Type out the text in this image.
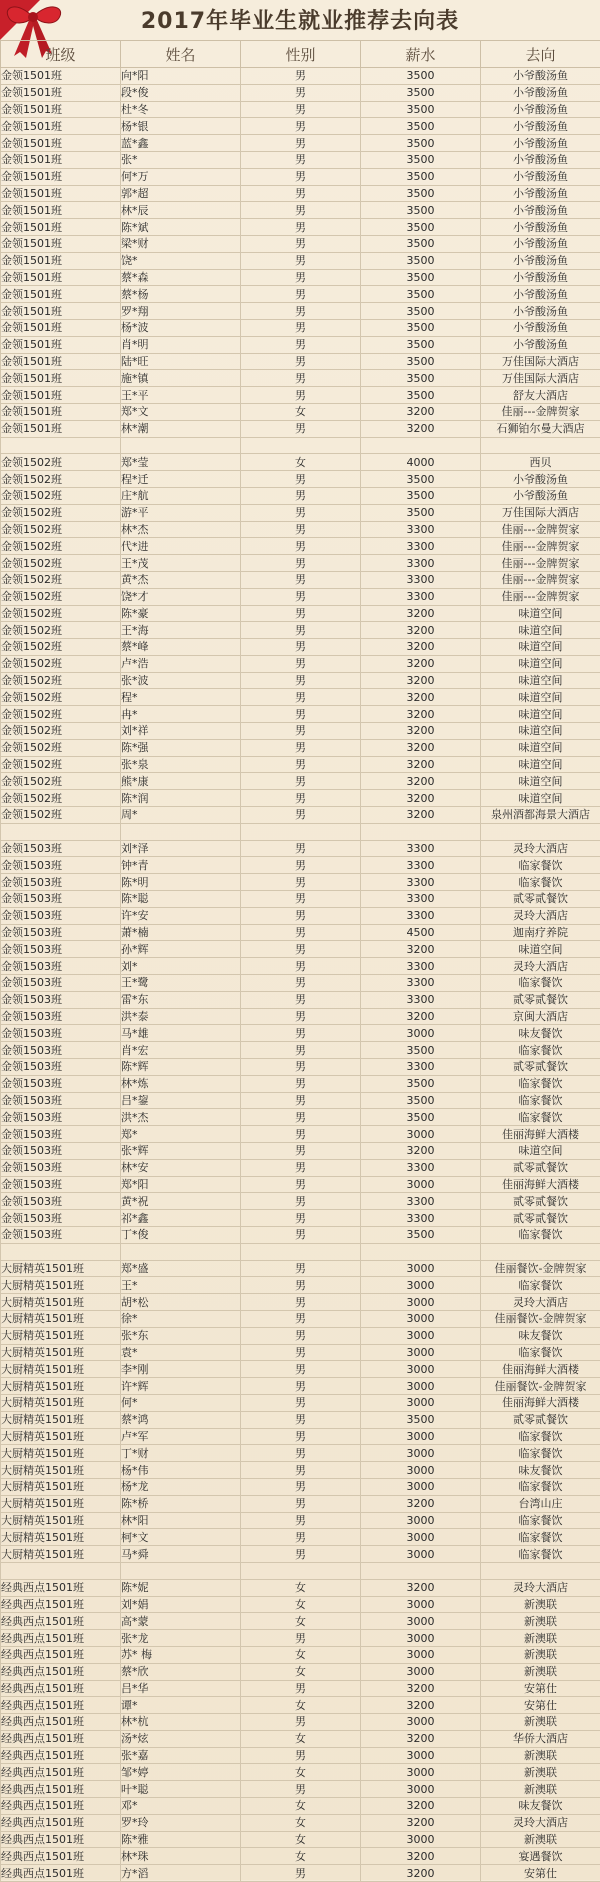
2017年毕业生就业推荐去向表
班级	姓名	性别	薪水	去向
金领1501班	向*阳	男	3500	小爷酸汤鱼
金领1501班	段*俊	男	3500	小爷酸汤鱼
金领1501班	杜*冬	男	3500	小爷酸汤鱼
金领1501班	杨*银	男	3500	小爷酸汤鱼
金领1501班	蓝*鑫	男	3500	小爷酸汤鱼
金领1501班	张*	男	3500	小爷酸汤鱼
金领1501班	何*万	男	3500	小爷酸汤鱼
金领1501班	郭*超	男	3500	小爷酸汤鱼
金领1501班	林*辰	男	3500	小爷酸汤鱼
金领1501班	陈*斌	男	3500	小爷酸汤鱼
金领1501班	梁*财	男	3500	小爷酸汤鱼
金领1501班	饶*	男	3500	小爷酸汤鱼
金领1501班	蔡*森	男	3500	小爷酸汤鱼
金领1501班	蔡*杨	男	3500	小爷酸汤鱼
金领1501班	罗*翔	男	3500	小爷酸汤鱼
金领1501班	杨*波	男	3500	小爷酸汤鱼
金领1501班	肖*明	男	3500	小爷酸汤鱼
金领1501班	陆*旺	男	3500	万佳国际大酒店
金领1501班	施*镇	男	3500	万佳国际大酒店
金领1501班	王*平	男	3500	舒友大酒店
金领1501班	郑*文	女	3200	佳丽---金牌贺家
金领1501班	林*潮	男	3200	石狮铂尔曼大酒店

金领1502班	郑*莹	女	4000	西贝
金领1502班	程*迁	男	3500	小爷酸汤鱼
金领1502班	庄*航	男	3500	小爷酸汤鱼
金领1502班	游*平	男	3500	万佳国际大酒店
金领1502班	林*杰	男	3300	佳丽---金牌贺家
金领1502班	代*进	男	3300	佳丽---金牌贺家
金领1502班	王*茂	男	3300	佳丽---金牌贺家
金领1502班	黄*杰	男	3300	佳丽---金牌贺家
金领1502班	饶*才	男	3300	佳丽---金牌贺家
金领1502班	陈*豪	男	3200	味道空间
金领1502班	王*海	男	3200	味道空间
金领1502班	蔡*峰	男	3200	味道空间
金领1502班	卢*浩	男	3200	味道空间
金领1502班	张*波	男	3200	味道空间
金领1502班	程*	男	3200	味道空间
金领1502班	冉*	男	3200	味道空间
金领1502班	刘*祥	男	3200	味道空间
金领1502班	陈*强	男	3200	味道空间
金领1502班	张*泉	男	3200	味道空间
金领1502班	熊*康	男	3200	味道空间
金领1502班	陈*润	男	3200	味道空间
金领1502班	周*	男	3200	泉州酒都海景大酒店

金领1503班	刘*泽	男	3300	灵玲大酒店
金领1503班	钟*青	男	3300	临家餐饮
金领1503班	陈*明	男	3300	临家餐饮
金领1503班	陈*聪	男	3300	贰零贰餐饮
金领1503班	许*安	男	3300	灵玲大酒店
金领1503班	萧*楠	男	4500	迦南疗养院
金领1503班	孙*辉	男	3200	味道空间
金领1503班	刘*	男	3300	灵玲大酒店
金领1503班	王*鹭	男	3300	临家餐饮
金领1503班	雷*东	男	3300	贰零贰餐饮
金领1503班	洪*泰	男	3200	京闽大酒店
金领1503班	马*雄	男	3000	味友餐饮
金领1503班	肖*宏	男	3500	临家餐饮
金领1503班	陈*辉	男	3300	贰零贰餐饮
金领1503班	林*炼	男	3500	临家餐饮
金领1503班	吕*鋆	男	3500	临家餐饮
金领1503班	洪*杰	男	3500	临家餐饮
金领1503班	郑*	男	3000	佳丽海鲜大酒楼
金领1503班	张*辉	男	3200	味道空间
金领1503班	林*安	男	3300	贰零贰餐饮
金领1503班	郑*阳	男	3000	佳丽海鲜大酒楼
金领1503班	黄*祝	男	3300	贰零贰餐饮
金领1503班	祁*鑫	男	3300	贰零贰餐饮
金领1503班	丁*俊	男	3500	临家餐饮

大厨精英1501班	郑*盛	男	3000	佳丽餐饮-金牌贺家
大厨精英1501班	王*	男	3000	临家餐饮
大厨精英1501班	胡*松	男	3000	灵玲大酒店
大厨精英1501班	徐*	男	3000	佳丽餐饮-金牌贺家
大厨精英1501班	张*东	男	3000	味友餐饮
大厨精英1501班	袁*	男	3000	临家餐饮
大厨精英1501班	李*刚	男	3000	佳丽海鲜大酒楼
大厨精英1501班	许*辉	男	3000	佳丽餐饮-金牌贺家
大厨精英1501班	何*	男	3000	佳丽海鲜大酒楼
大厨精英1501班	蔡*鸿	男	3500	贰零贰餐饮
大厨精英1501班	卢*军	男	3000	临家餐饮
大厨精英1501班	丁*财	男	3000	临家餐饮
大厨精英1501班	杨*伟	男	3000	味友餐饮
大厨精英1501班	杨*龙	男	3000	临家餐饮
大厨精英1501班	陈*桥	男	3200	台湾山庄
大厨精英1501班	林*阳	男	3000	临家餐饮
大厨精英1501班	柯*文	男	3000	临家餐饮
大厨精英1501班	马*舜	男	3000	临家餐饮

经典西点1501班	陈*妮	女	3200	灵玲大酒店
经典西点1501班	刘*娟	女	3000	新澳联
经典西点1501班	高*蒙	女	3000	新澳联
经典西点1501班	张*龙	男	3000	新澳联
经典西点1501班	苏* 梅	女	3000	新澳联
经典西点1501班	蔡*欣	女	3000	新澳联
经典西点1501班	吕*华	男	3200	安第仕
经典西点1501班	谭*	女	3200	安第仕
经典西点1501班	林*杭	男	3000	新澳联
经典西点1501班	汤*炫	女	3200	华侨大酒店
经典西点1501班	张*嘉	男	3000	新澳联
经典西点1501班	邹*婷	女	3000	新澳联
经典西点1501班	叶*聪	男	3000	新澳联
经典西点1501班	邓*	女	3200	味友餐饮
经典西点1501班	罗*玲	女	3200	灵玲大酒店
经典西点1501班	陈*雅	女	3000	新澳联
经典西点1501班	林*珠	女	3200	宴遇餐饮
经典西点1501班	方*滔	男	3200	安第仕
